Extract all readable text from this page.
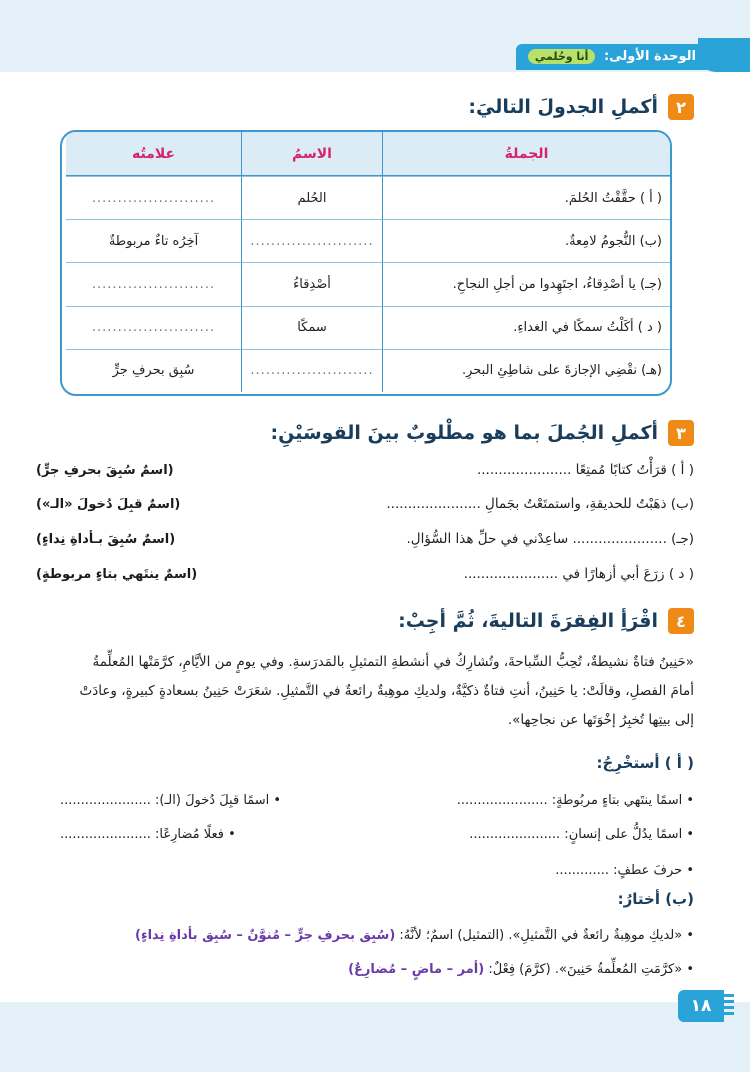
الوحدة الأولى: أنا وحُلمي
٢
أكملِ الجدولَ التاليَ:
الجملةُ
الاسمُ
علامتُه
( أ ) حقَّقْتُ الحُلمَ.
الحُلم
........................
(ب) النُّجومُ لامِعةٌ.
........................
آخِرُه تاءٌ مربوطةٌ
(جـ) يا أصْدِقاءُ، اجتَهِدوا من أجلِ النجاحِ.
أصْدِقاءُ
........................
( د ) أكَلْتُ سمكًا في الغداءِ.
سمكًا
........................
(هـ) نقْضِي الإجازةَ على شاطِئِ البحرِ.
........................
سُبِق بحرفِ جرٍّ
٣
أكملِ الجُملَ بما هو مطْلوبٌ بينَ القوسَيْنِ:
( أ ) قرَأْتُ كتابًا مُمتِعًا ......................
(اسمٌ سُبِقَ بحرفِ جرٍّ)
(ب) ذهَبْتُ للحديقةِ، واستمتَعْتُ بجَمالِ ......................
(اسمٌ قبِلَ دُخولَ «الـ»)
(جـ) ...................... ساعِدْني في حلِّ هذا السُّؤالِ.
(اسمٌ سُبِقَ بـأداةِ نِداءٍ)
( د ) زرَعَ أبي أزهارًا في ......................
(اسمٌ ينتَهي بتاءٍ مربوطةٍ)
٤
اقْرَأِ الفِقرَةَ التاليةَ، ثُمَّ أجِبْ:
«حَنِينُ فتاةٌ نشيطةٌ، تُحِبُّ السِّباحةَ، وتُشارِكُ في أنشطةِ التمثيلِ بالمَدرَسةِ. وفي يومٍ من الأيَّامِ، كرَّمَتْها المُعلِّمةُ
أمامَ الفصلِ، وقالَتْ: يا حَنِينُ، أنتِ فتاةٌ ذكيَّةٌ، ولديكِ موهِبةٌ رائعةٌ في التَّمثيلِ. شعَرَتْ حَنِينُ بسعادةٍ كبيرةٍ، وعادَتْ
إلى بيتِها تُخبِرُ إخْوَتَها عن نجاحِها».
( أ ) أستخْرِجُ:
• اسمًا ينتَهي بتاءٍ مربُوطةٍ: ......................
• اسمًا قبِلَ دُخولَ (الـ): ......................
• اسمًا يدُلُّ على إنسانٍ: ......................
• فعلًا مُضارِعًا: ......................
• حرفَ عطفٍ: .............
(ب) أختارُ:
• «لديكِ موهِبةٌ رائعةٌ في التَّمثيلِ». (التمثيل) اسمٌ؛ لأنَّهُ: (سُبِق بحرفِ جرٍّ – مُنوَّنٌ – سُبِق بأداةِ نِداءٍ)
• «كرَّمَتِ المُعلِّمةُ حَنِينَ». (كرَّمَ) فِعْلٌ: (أمر – ماضٍ – مُضارِعٌ)
١٨
